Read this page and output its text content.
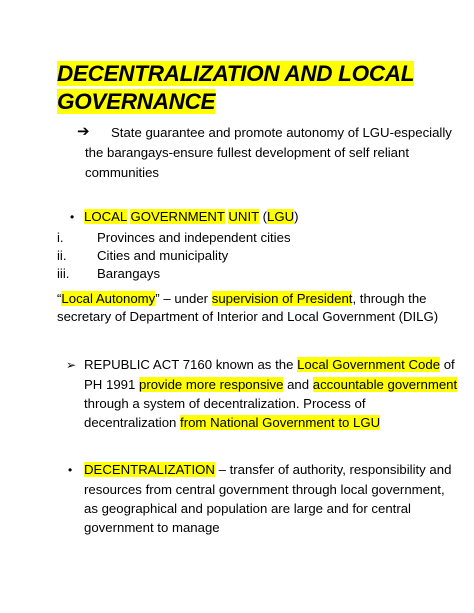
DECENTRALIZATION AND LOCAL
GOVERNANCE
➔ State guarantee and promote autonomy of LGU-especially
the barangays-ensure fullest development of self reliant
communities
• LOCAL GOVERNMENT UNIT (LGU)
i.	Provinces and independent cities
ii. Cities and municipality
iii. Barangays
“Local Autonomy” – under supervision of President, through the
secretary of Department of Interior and Local Government (DILG)
➢ REPUBLIC ACT 7160 known as the Local Government Code of
PH 1991 provide more responsive and accountable government
through a system of decentralization. Process of
decentralization from National Government to LGU
• DECENTRALIZATION – transfer of authority, responsibility and
resources from central government through local government,
as geographical and population are large and for central
government to manage
